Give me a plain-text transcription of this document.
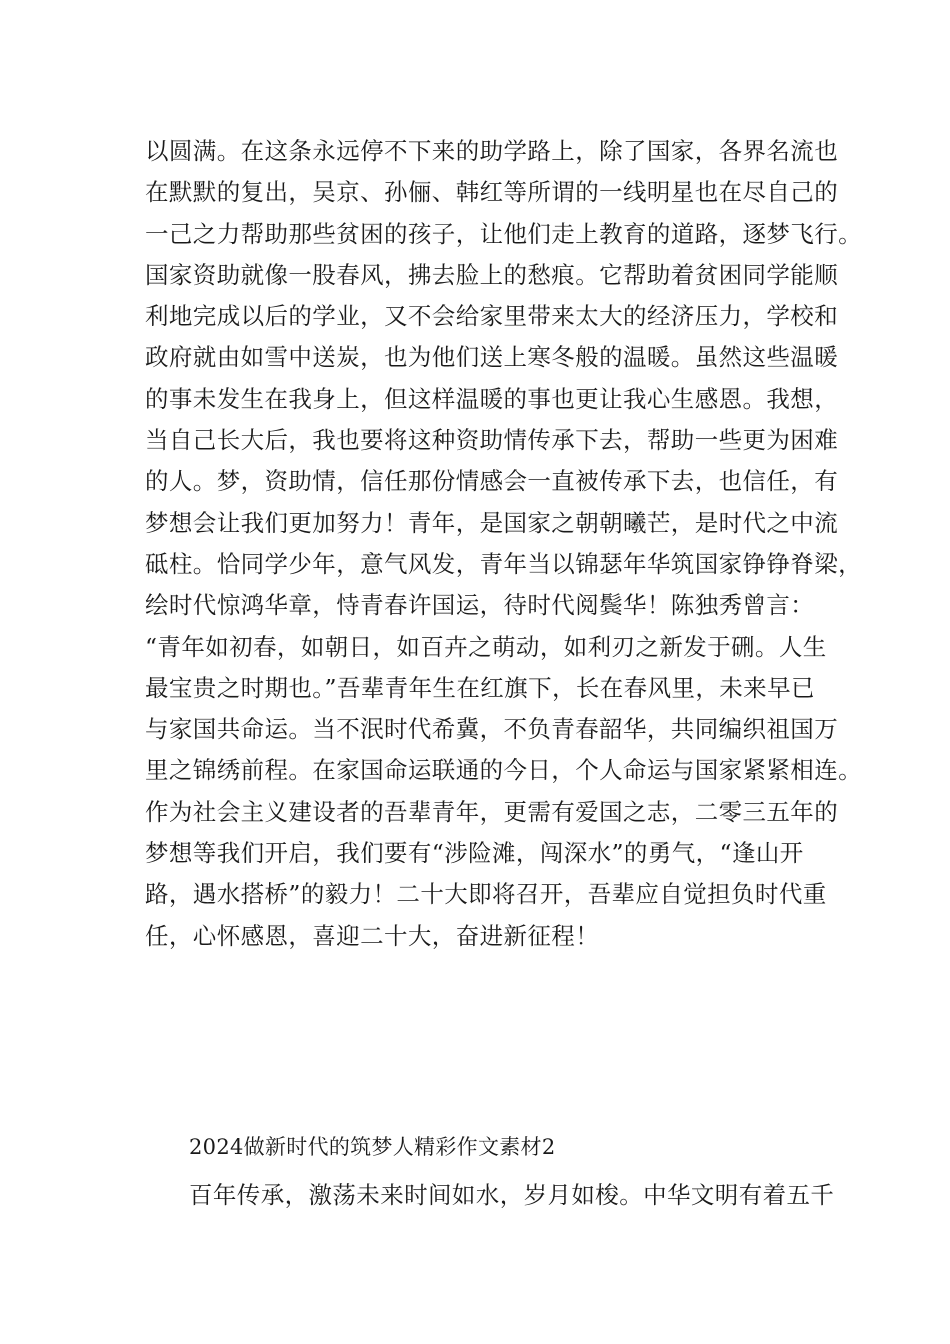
以圆满。在这条永远停不下来的助学路上，除了国家，各界名流也
在默默的复出，吴京、孙俪、韩红等所谓的一线明星也在尽自己的
一己之力帮助那些贫困的孩子，让他们走上教育的道路，逐梦飞行。
国家资助就像一股春风，拂去脸上的愁痕。它帮助着贫困同学能顺
利地完成以后的学业，又不会给家里带来太大的经济压力，学校和
政府就由如雪中送炭，也为他们送上寒冬般的温暖。虽然这些温暖
的事未发生在我身上，但这样温暖的事也更让我心生感恩。我想，
当自己长大后，我也要将这种资助情传承下去，帮助一些更为困难
的人。梦，资助情，信任那份情感会一直被传承下去，也信任，有
梦想会让我们更加努力！青年，是国家之朝朝曦芒，是时代之中流
砥柱。恰同学少年，意气风发，青年当以锦瑟年华筑国家铮铮脊梁，
绘时代惊鸿华章，恃青春许国运，待时代阅鬓华！陈独秀曾言：
“青年如初春，如朝日，如百卉之萌动，如利刃之新发于硎。人生
最宝贵之时期也。”吾辈青年生在红旗下，长在春风里，未来早已
与家国共命运。当不泯时代希冀，不负青春韶华，共同编织祖国万
里之锦绣前程。在家国命运联通的今日，个人命运与国家紧紧相连。
作为社会主义建设者的吾辈青年，更需有爱国之志，二零三五年的
梦想等我们开启，我们要有“涉险滩，闯深水”的勇气，“逢山开
路，遇水搭桥”的毅力！二十大即将召开，吾辈应自觉担负时代重
任，心怀感恩，喜迎二十大，奋进新征程！

2024做新时代的筑梦人精彩作文素材2

百年传承，激荡未来时间如水，岁月如梭。中华文明有着五千
